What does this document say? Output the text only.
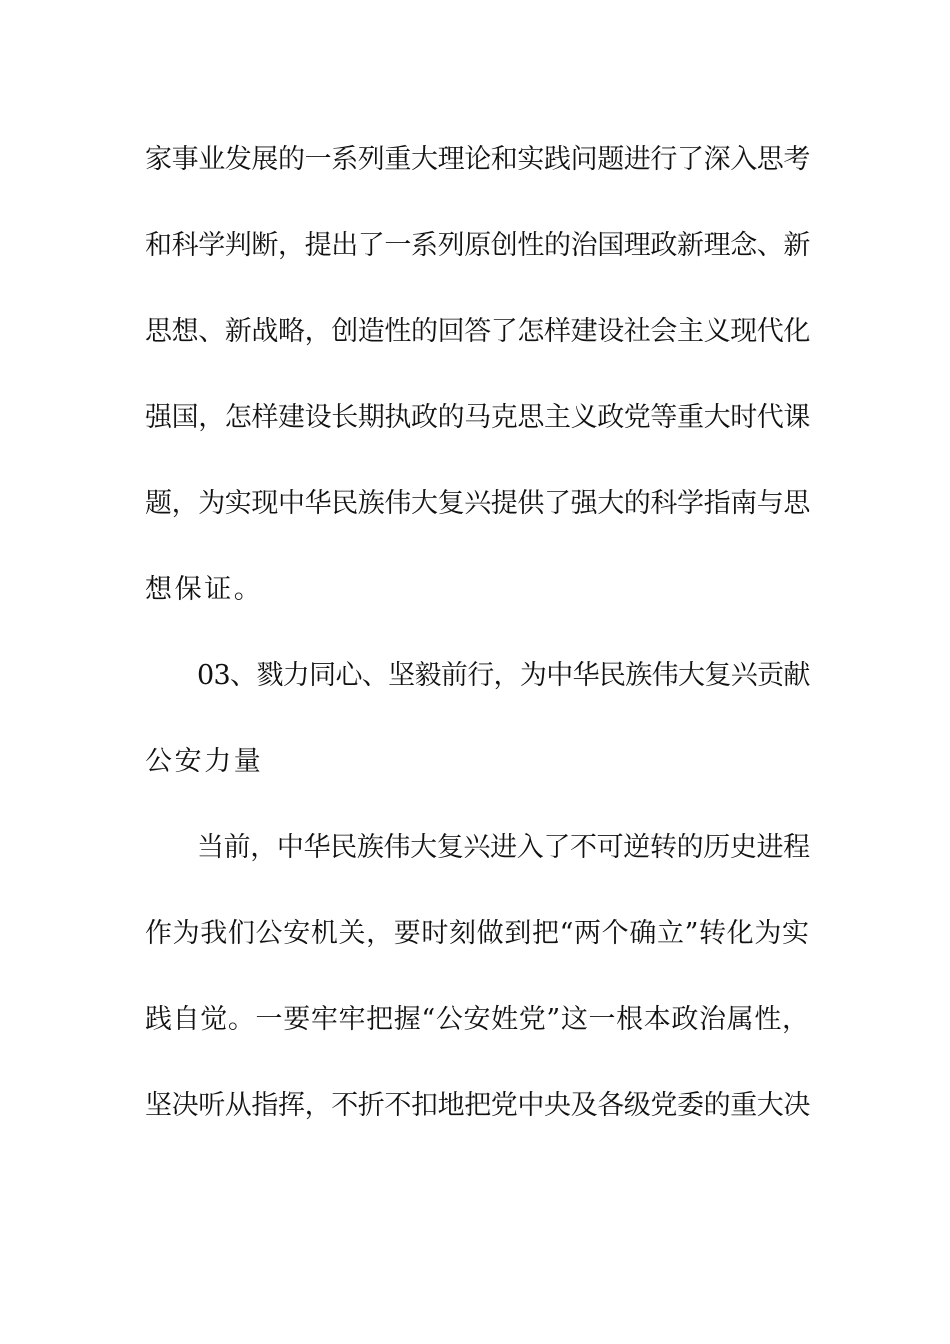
家事业发展的一系列重大理论和实践问题进行了深入思考
和科学判断，提出了一系列原创性的治国理政新理念、新
思想、新战略，创造性的回答了怎样建设社会主义现代化
强国，怎样建设长期执政的马克思主义政党等重大时代课
题，为实现中华民族伟大复兴提供了强大的科学指南与思
想保证。
03、戮力同心、坚毅前行，为中华民族伟大复兴贡献
公安力量
当前，中华民族伟大复兴进入了不可逆转的历史进程
作为我们公安机关，要时刻做到把“两个确立”转化为实
践自觉。一要牢牢把握“公安姓党”这一根本政治属性，
坚决听从指挥，不折不扣地把党中央及各级党委的重大决
